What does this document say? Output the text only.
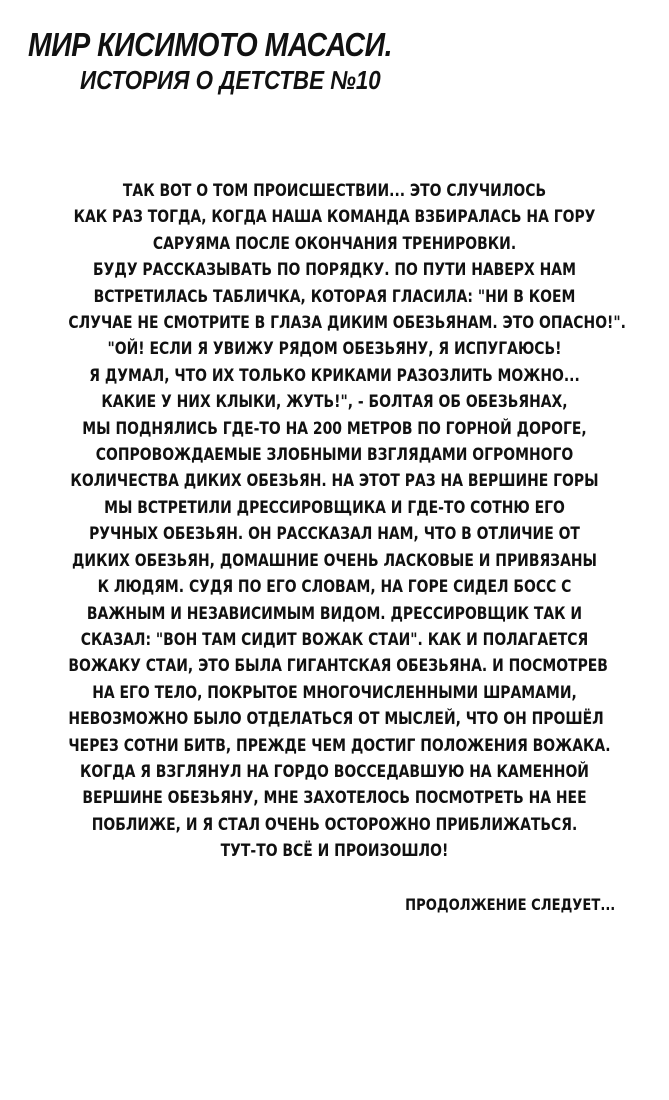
МИР КИСИМОТО МАСАСИ.
ИСТОРИЯ О ДЕТСТВЕ №10
ТАК ВОТ О ТОМ ПРОИСШЕСТВИИ... ЭТО СЛУЧИЛОСЬ
КАК РАЗ ТОГДА, КОГДА НАША КОМАНДА ВЗБИРАЛАСЬ НА ГОРУ
САРУЯМА ПОСЛЕ ОКОНЧАНИЯ ТРЕНИРОВКИ.
БУДУ РАССКАЗЫВАТЬ ПО ПОРЯДКУ. ПО ПУТИ НАВЕРХ НАМ
ВСТРЕТИЛАСЬ ТАБЛИЧКА, КОТОРАЯ ГЛАСИЛА: "НИ В КОЕМ
СЛУЧАЕ НЕ СМОТРИТЕ В ГЛАЗА ДИКИМ ОБЕЗЬЯНАМ. ЭТО ОПАСНО!".
"ОЙ! ЕСЛИ Я УВИЖУ РЯДОМ ОБЕЗЬЯНУ, Я ИСПУГАЮСЬ!
Я ДУМАЛ, ЧТО ИХ ТОЛЬКО КРИКАМИ РАЗОЗЛИТЬ МОЖНО...
КАКИЕ У НИХ КЛЫКИ, ЖУТЬ!", - БОЛТАЯ ОБ ОБЕЗЬЯНАХ,
МЫ ПОДНЯЛИСЬ ГДЕ-ТО НА 200 МЕТРОВ ПО ГОРНОЙ ДОРОГЕ,
СОПРОВОЖДАЕМЫЕ ЗЛОБНЫМИ ВЗГЛЯДАМИ ОГРОМНОГО
КОЛИЧЕСТВА ДИКИХ ОБЕЗЬЯН. НА ЭТОТ РАЗ НА ВЕРШИНЕ ГОРЫ
МЫ ВСТРЕТИЛИ ДРЕССИРОВЩИКА И ГДЕ-ТО СОТНЮ ЕГО
РУЧНЫХ ОБЕЗЬЯН. ОН РАССКАЗАЛ НАМ, ЧТО В ОТЛИЧИЕ ОТ
ДИКИХ ОБЕЗЬЯН, ДОМАШНИЕ ОЧЕНЬ ЛАСКОВЫЕ И ПРИВЯЗАНЫ
К ЛЮДЯМ. СУДЯ ПО ЕГО СЛОВАМ, НА ГОРЕ СИДЕЛ БОСС С
ВАЖНЫМ И НЕЗАВИСИМЫМ ВИДОМ. ДРЕССИРОВЩИК ТАК И
СКАЗАЛ: "ВОН ТАМ СИДИТ ВОЖАК СТАИ". КАК И ПОЛАГАЕТСЯ
ВОЖАКУ СТАИ, ЭТО БЫЛА ГИГАНТСКАЯ ОБЕЗЬЯНА. И ПОСМОТРЕВ
НА ЕГО ТЕЛО, ПОКРЫТОЕ МНОГОЧИСЛЕННЫМИ ШРАМАМИ,
НЕВОЗМОЖНО БЫЛО ОТДЕЛАТЬСЯ ОТ МЫСЛЕЙ, ЧТО ОН ПРОШЁЛ
ЧЕРЕЗ СОТНИ БИТВ, ПРЕЖДЕ ЧЕМ ДОСТИГ ПОЛОЖЕНИЯ ВОЖАКА.
КОГДА Я ВЗГЛЯНУЛ НА ГОРДО ВОССЕДАВШУЮ НА КАМЕННОЙ
ВЕРШИНЕ ОБЕЗЬЯНУ, МНЕ ЗАХОТЕЛОСЬ ПОСМОТРЕТЬ НА НЕЕ
ПОБЛИЖЕ, И Я СТАЛ ОЧЕНЬ ОСТОРОЖНО ПРИБЛИЖАТЬСЯ.
ТУТ-ТО ВСЁ И ПРОИЗОШЛО!
ПРОДОЛЖЕНИЕ СЛЕДУЕТ...
